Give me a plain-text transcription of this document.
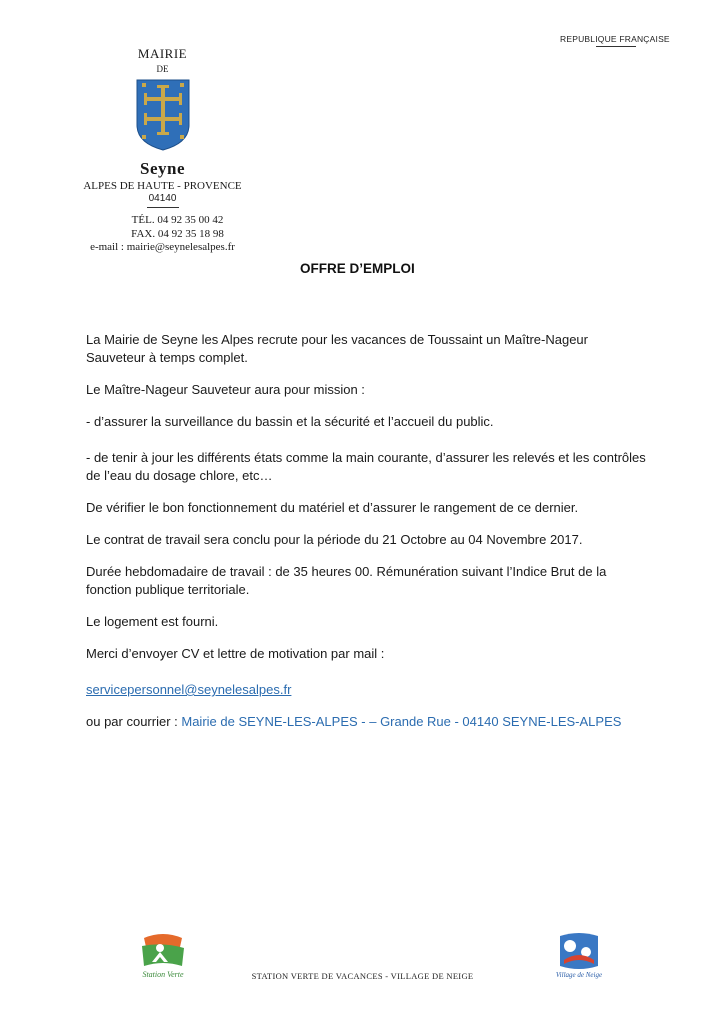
REPUBLIQUE FRANÇAISE
MAIRIE
DE
Seyne
ALPES DE HAUTE - PROVENCE
04140
TÉL. 04 92 35 00 42
FAX. 04 92 35 18 98
e-mail : mairie@seynelesalpes.fr
OFFRE D’EMPLOI

La Mairie de Seyne les Alpes recrute pour les vacances de Toussaint un Maître-Nageur Sauveteur à temps complet.

Le Maître-Nageur Sauveteur aura pour mission :

- d’assurer la surveillance du bassin et la sécurité et l’accueil du public.

- de tenir à jour les différents états comme la main courante, d’assurer les relevés et les contrôles de l’eau du dosage chlore, etc…

De vérifier le bon fonctionnement du matériel et d’assurer le rangement de ce dernier.

Le contrat de travail sera conclu pour la période du 21 Octobre au 04 Novembre 2017.

Durée hebdomadaire de travail : de 35 heures 00. Rémunération suivant l’Indice Brut de la fonction publique territoriale.

Le logement est fourni.

Merci d’envoyer CV et lettre de motivation par mail :

servicepersonnel@seynelesalpes.fr

ou par courrier : Mairie de SEYNE-LES-ALPES - – Grande Rue - 04140 SEYNE-LES-ALPES

Station Verte	Village de Neige
STATION VERTE DE VACANCES - VILLAGE DE NEIGE
